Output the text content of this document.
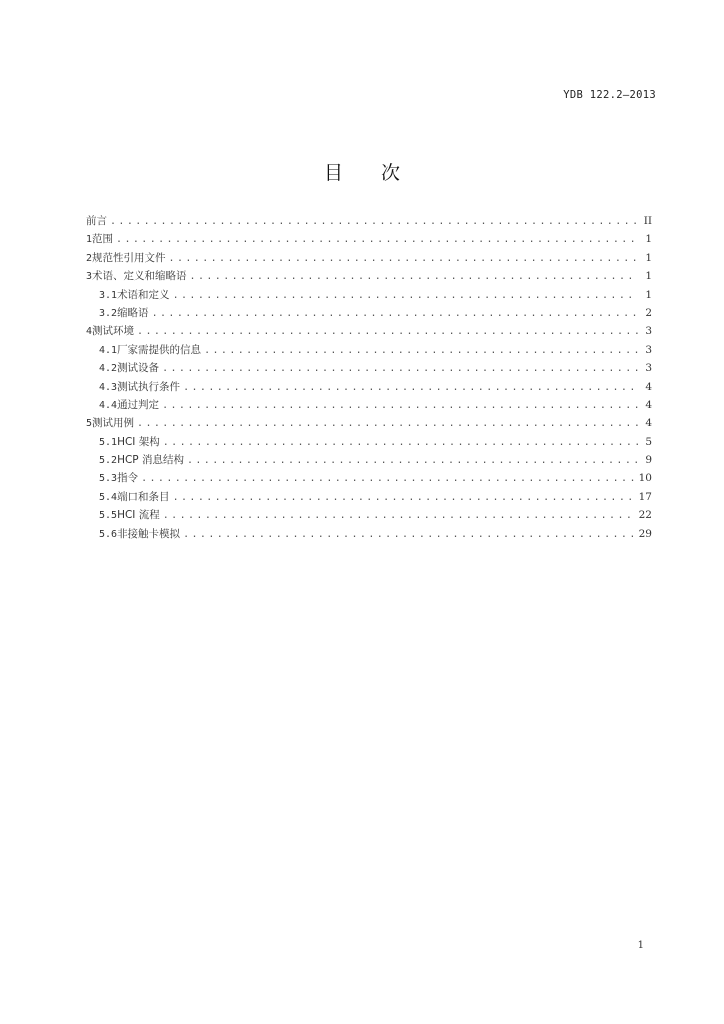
YDB 122.2—2013
目次
前言 .....	II
1 范围 .....	1
2 规范性引用文件 .....	1
3 术语、定义和缩略语 .....	1
3.1 术语和定义 .....	1
3.2 缩略语 .....	2
4 测试环境 .....	3
4.1 厂家需提供的信息 .....	3
4.2 测试设备 .....	3
4.3 测试执行条件 .....	4
4.4 通过判定 .....	4
5 测试用例 .....	4
5.1 HCI 架构 .....	5
5.2 HCP 消息结构 .....	9
5.3 指令 .....	10
5.4 端口和条目 .....	17
5.5 HCI 流程 .....	22
5.6 非接触卡模拟 .....	29
1
